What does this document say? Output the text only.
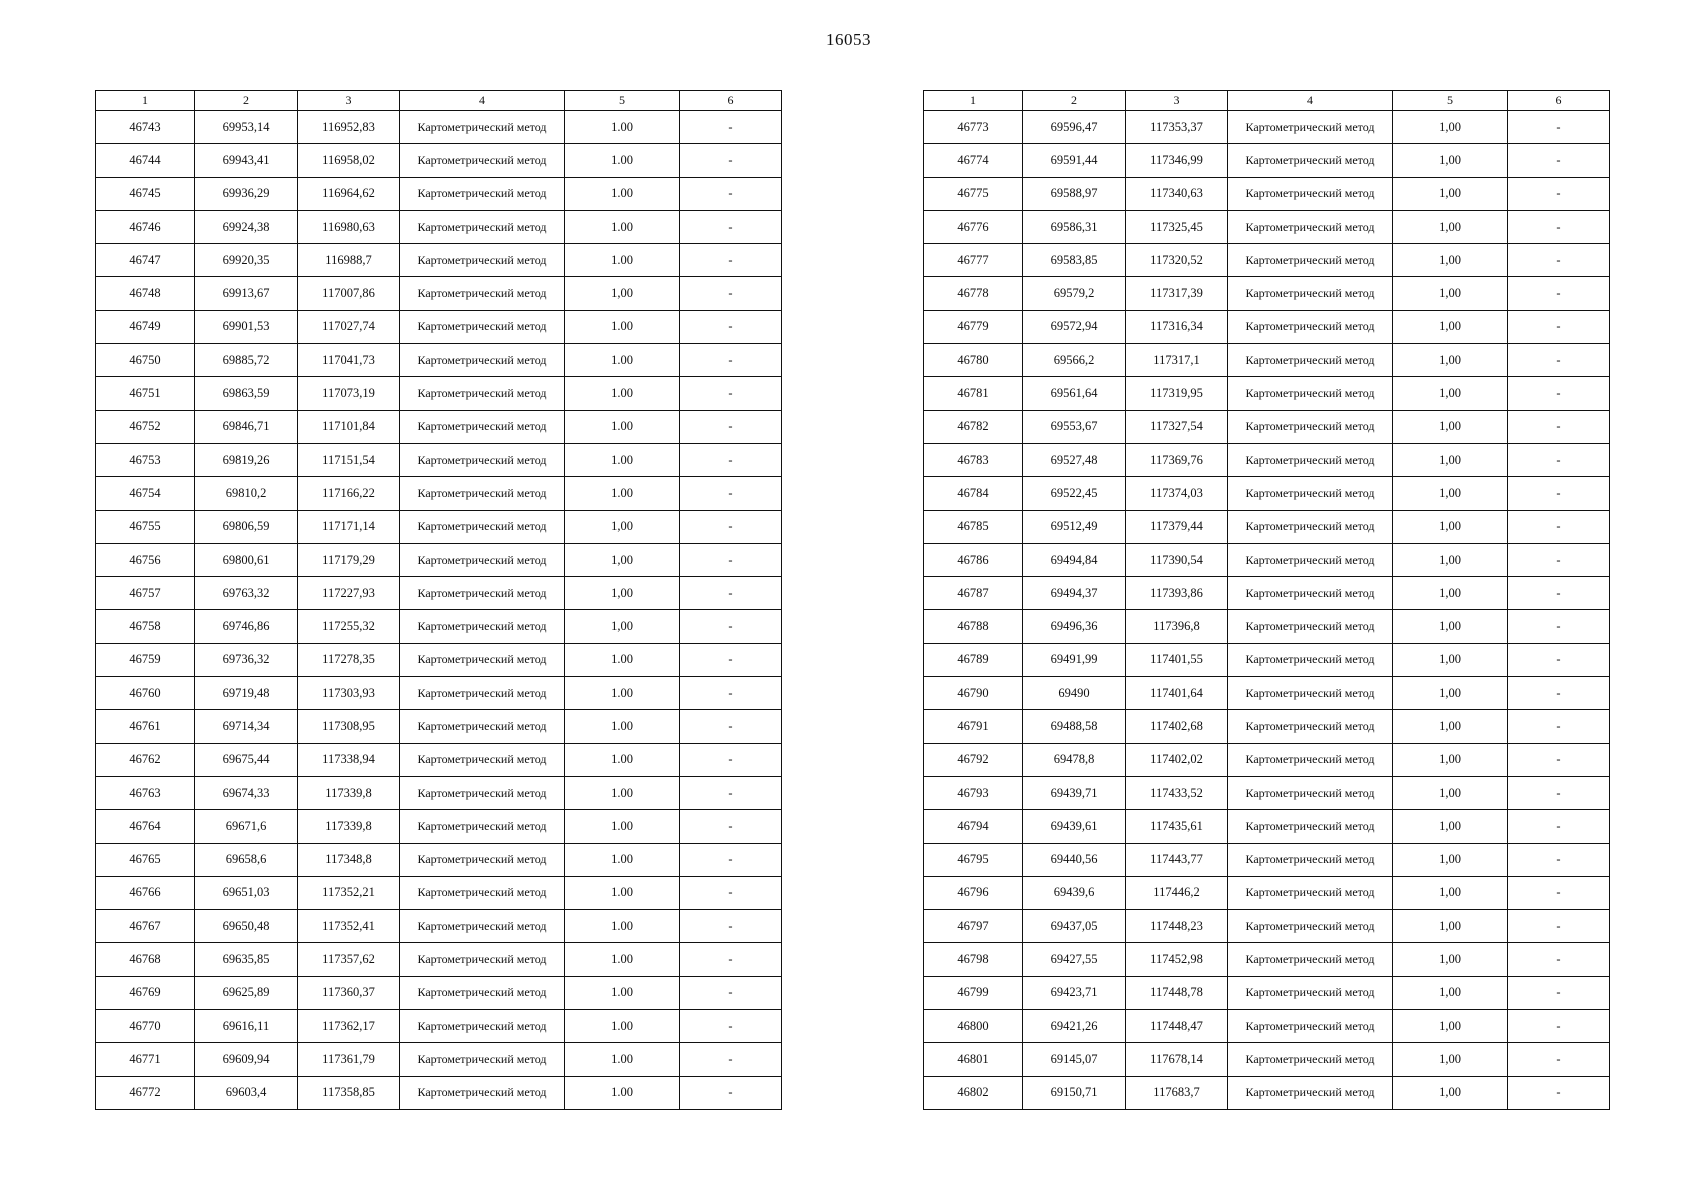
16053
1	2	3	4	5	6
46743	69953,14	116952,83	Картометрический метод	1.00	-
46744	69943,41	116958,02	Картометрический метод	1.00	-
46745	69936,29	116964,62	Картометрический метод	1.00	-
46746	69924,38	116980,63	Картометрический метод	1.00	-
46747	69920,35	116988,7	Картометрический метод	1.00	-
46748	69913,67	117007,86	Картометрический метод	1,00	-
46749	69901,53	117027,74	Картометрический метод	1.00	-
46750	69885,72	117041,73	Картометрический метод	1.00	-
46751	69863,59	117073,19	Картометрический метод	1.00	-
46752	69846,71	117101,84	Картометрический метод	1.00	-
46753	69819,26	117151,54	Картометрический метод	1.00	-
46754	69810,2	117166,22	Картометрический метод	1.00	-
46755	69806,59	117171,14	Картометрический метод	1,00	-
46756	69800,61	117179,29	Картометрический метод	1,00	-
46757	69763,32	117227,93	Картометрический метод	1,00	-
46758	69746,86	117255,32	Картометрический метод	1,00	-
46759	69736,32	117278,35	Картометрический метод	1.00	-
46760	69719,48	117303,93	Картометрический метод	1.00	-
46761	69714,34	117308,95	Картометрический метод	1.00	-
46762	69675,44	117338,94	Картометрический метод	1.00	-
46763	69674,33	117339,8	Картометрический метод	1.00	-
46764	69671,6	117339,8	Картометрический метод	1.00	-
46765	69658,6	117348,8	Картометрический метод	1.00	-
46766	69651,03	117352,21	Картометрический метод	1.00	-
46767	69650,48	117352,41	Картометрический метод	1.00	-
46768	69635,85	117357,62	Картометрический метод	1.00	-
46769	69625,89	117360,37	Картометрический метод	1.00	-
46770	69616,11	117362,17	Картометрический метод	1.00	-
46771	69609,94	117361,79	Картометрический метод	1.00	-
46772	69603,4	117358,85	Картометрический метод	1.00	-
1	2	3	4	5	6
46773	69596,47	117353,37	Картометрический метод	1,00	-
46774	69591,44	117346,99	Картометрический метод	1,00	-
46775	69588,97	117340,63	Картометрический метод	1,00	-
46776	69586,31	117325,45	Картометрический метод	1,00	-
46777	69583,85	117320,52	Картометрический метод	1,00	-
46778	69579,2	117317,39	Картометрический метод	1,00	-
46779	69572,94	117316,34	Картометрический метод	1,00	-
46780	69566,2	117317,1	Картометрический метод	1,00	-
46781	69561,64	117319,95	Картометрический метод	1,00	-
46782	69553,67	117327,54	Картометрический метод	1,00	-
46783	69527,48	117369,76	Картометрический метод	1,00	-
46784	69522,45	117374,03	Картометрический метод	1,00	-
46785	69512,49	117379,44	Картометрический метод	1,00	-
46786	69494,84	117390,54	Картометрический метод	1,00	-
46787	69494,37	117393,86	Картометрический метод	1,00	-
46788	69496,36	117396,8	Картометрический метод	1,00	-
46789	69491,99	117401,55	Картометрический метод	1,00	-
46790	69490	117401,64	Картометрический метод	1,00	-
46791	69488,58	117402,68	Картометрический метод	1,00	-
46792	69478,8	117402,02	Картометрический метод	1,00	-
46793	69439,71	117433,52	Картометрический метод	1,00	-
46794	69439,61	117435,61	Картометрический метод	1,00	-
46795	69440,56	117443,77	Картометрический метод	1,00	-
46796	69439,6	117446,2	Картометрический метод	1,00	-
46797	69437,05	117448,23	Картометрический метод	1,00	-
46798	69427,55	117452,98	Картометрический метод	1,00	-
46799	69423,71	117448,78	Картометрический метод	1,00	-
46800	69421,26	117448,47	Картометрический метод	1,00	-
46801	69145,07	117678,14	Картометрический метод	1,00	-
46802	69150,71	117683,7	Картометрический метод	1,00	-
